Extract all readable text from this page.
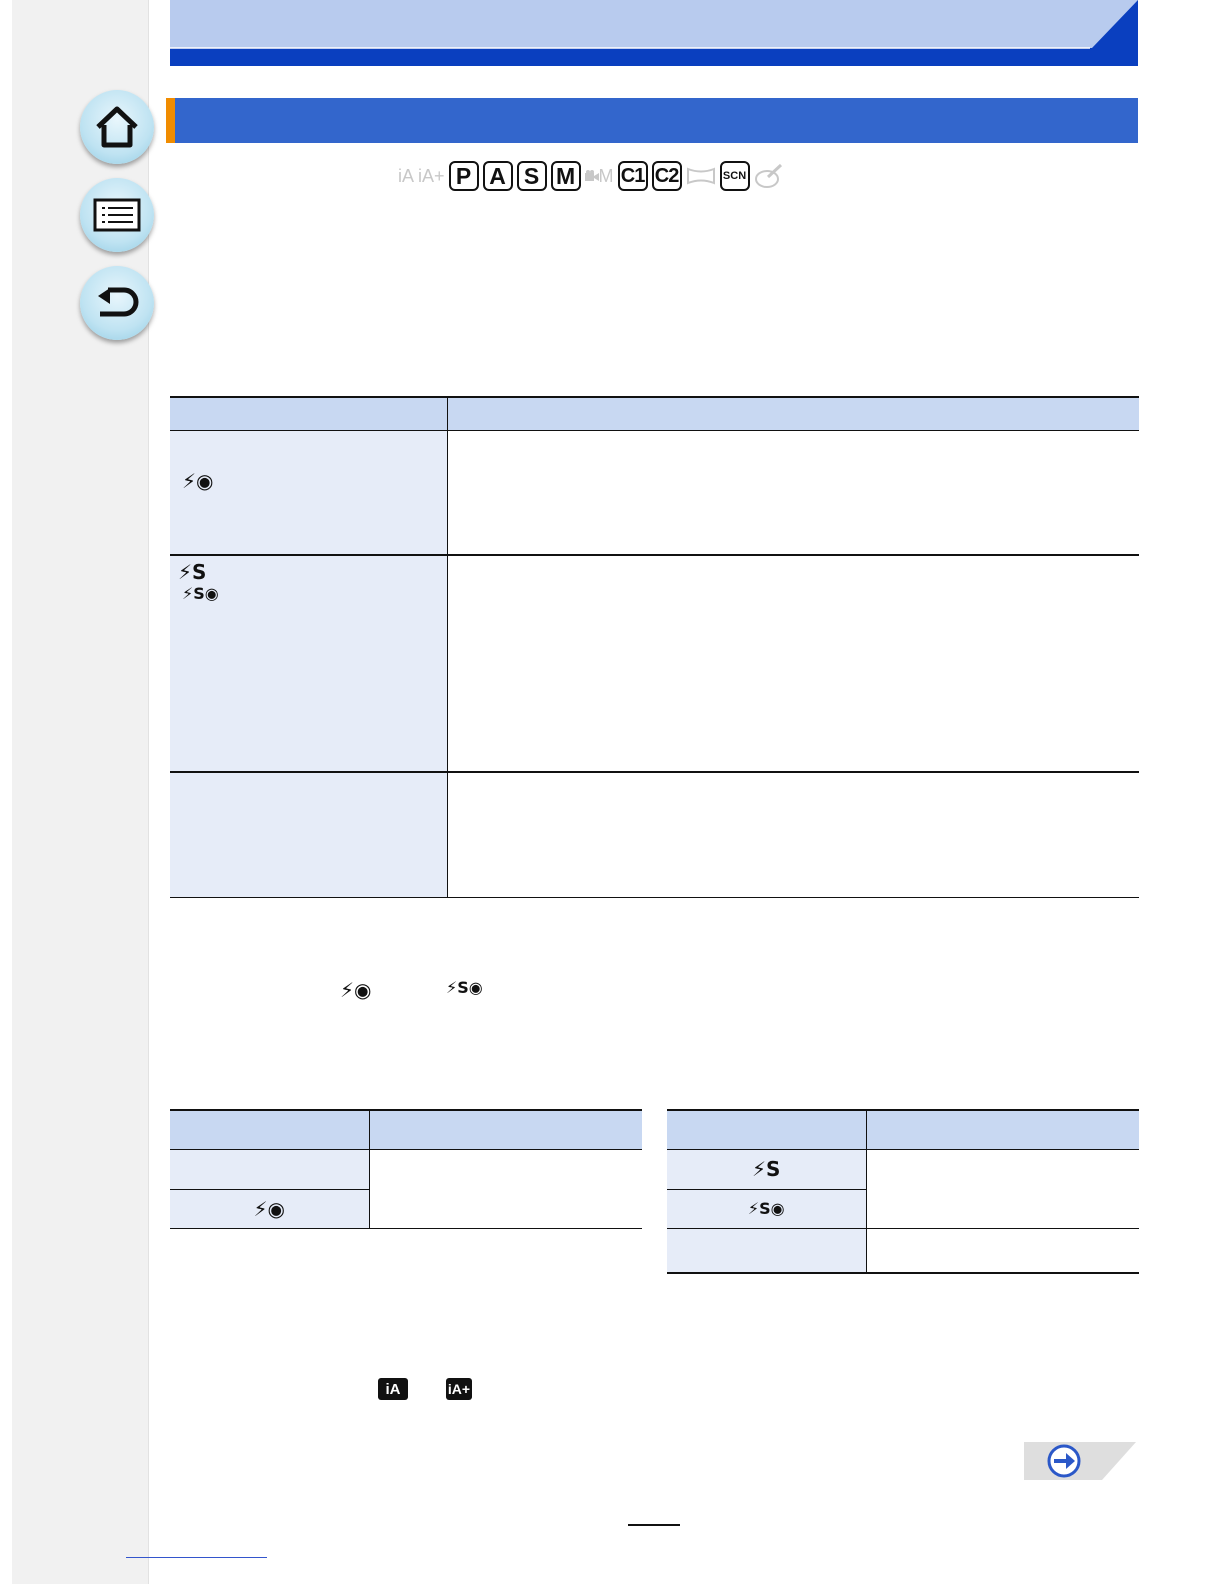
iA iA+ P A S M	M C1 C2	SCN

⚡◉	

⚡S
⚡S◉	

⚡◉	⚡S◉

⚡◉	

⚡S	
⚡S◉	

iA	iA+
